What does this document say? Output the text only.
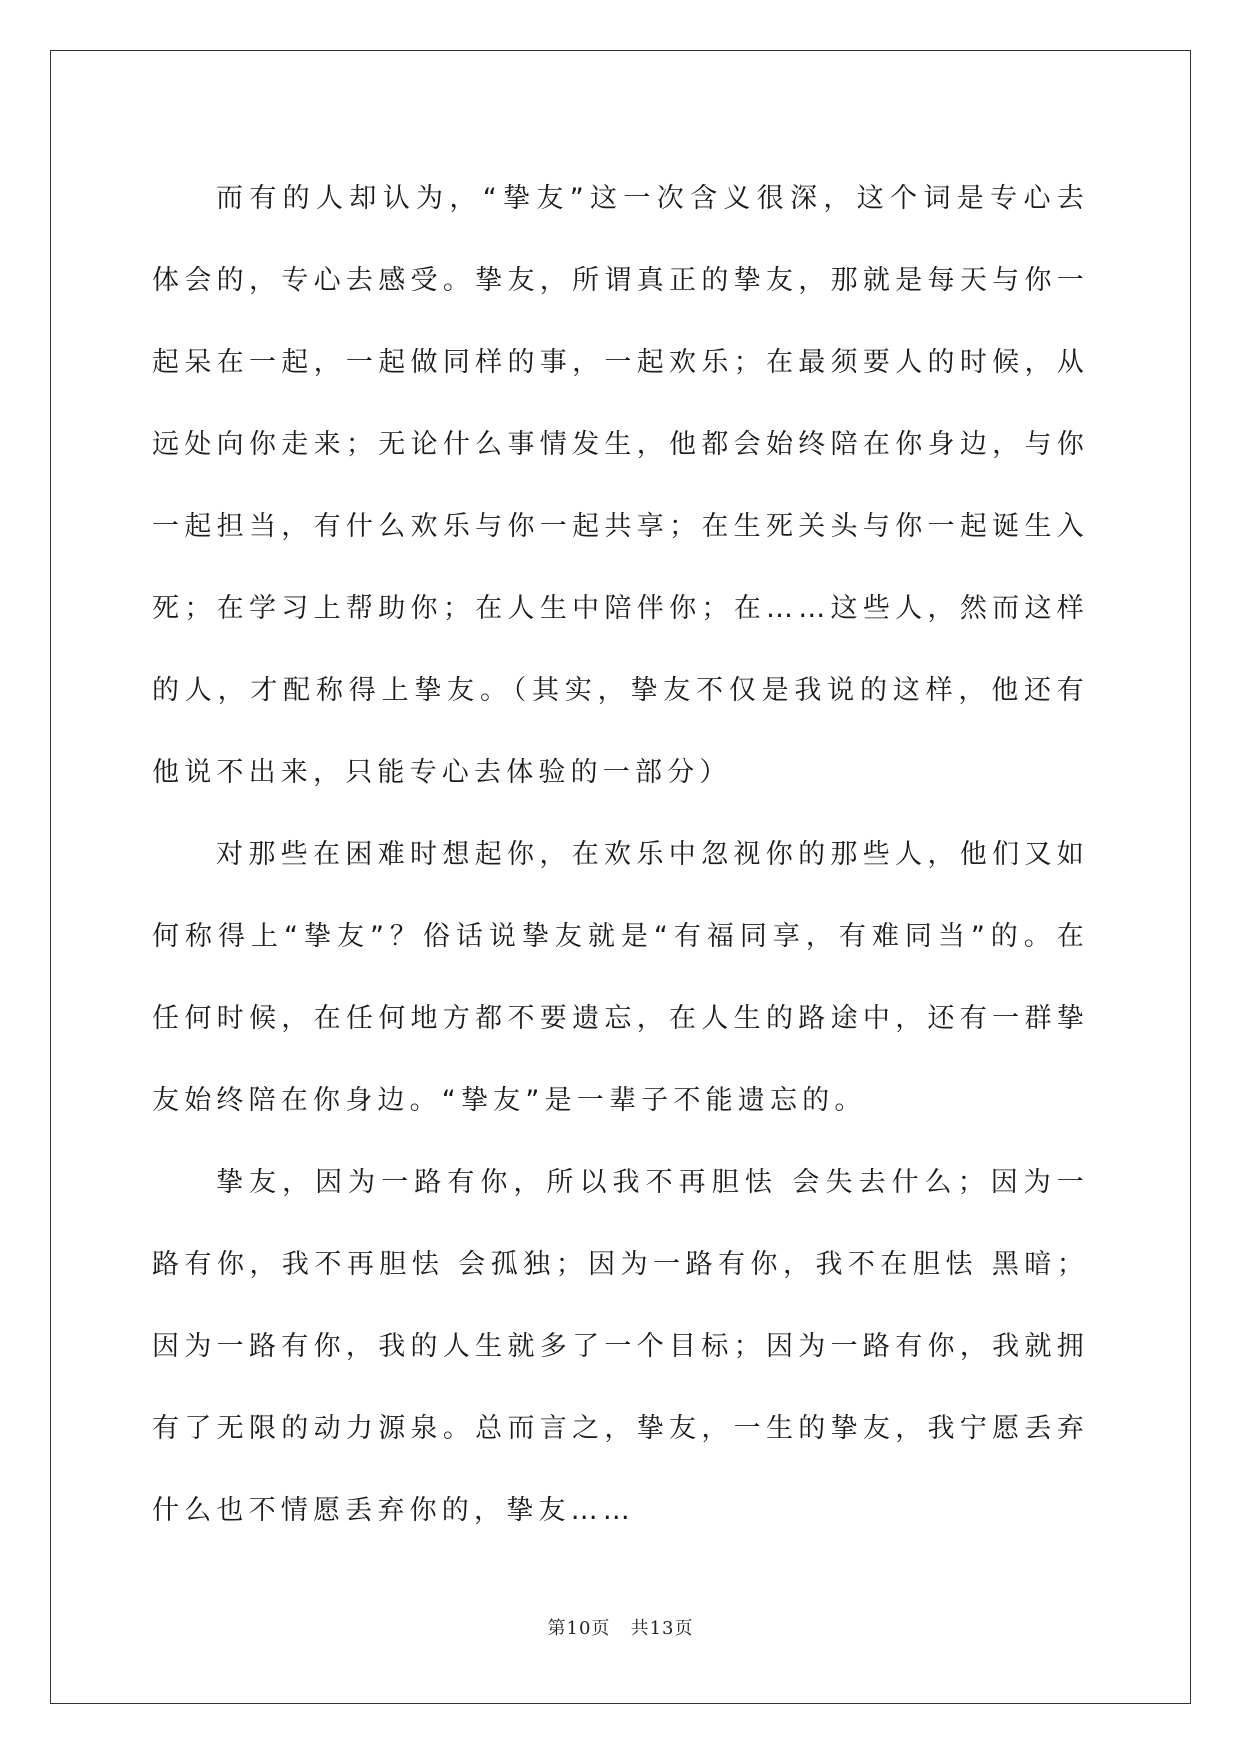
而有的人却认为，“挚友”这一次含义很深，这个词是专心去体会的，专心去感受。挚友，所谓真正的挚友，那就是每天与你一起呆在一起，一起做同样的事，一起欢乐；在最须要人的时候，从远处向你走来；无论什么事情发生，他都会始终陪在你身边，与你一起担当，有什么欢乐与你一起共享；在生死关头与你一起诞生入死；在学习上帮助你；在人生中陪伴你；在……这些人，然而这样的人，才配称得上挚友。（其实，挚友不仅是我说的这样，他还有他说不出来，只能专心去体验的一部分）

对那些在困难时想起你，在欢乐中忽视你的那些人，他们又如何称得上“挚友”？俗话说挚友就是“有福同享，有难同当”的。在任何时候，在任何地方都不要遗忘，在人生的路途中，还有一群挚友始终陪在你身边。“挚友”是一辈子不能遗忘的。

挚友，因为一路有你，所以我不再胆怯 会失去什么；因为一路有你，我不再胆怯 会孤独；因为一路有你，我不在胆怯 黑暗；因为一路有你，我的人生就多了一个目标；因为一路有你，我就拥有了无限的动力源泉。总而言之，挚友，一生的挚友，我宁愿丢弃什么也不情愿丢弃你的，挚友……

第10页   共13页
